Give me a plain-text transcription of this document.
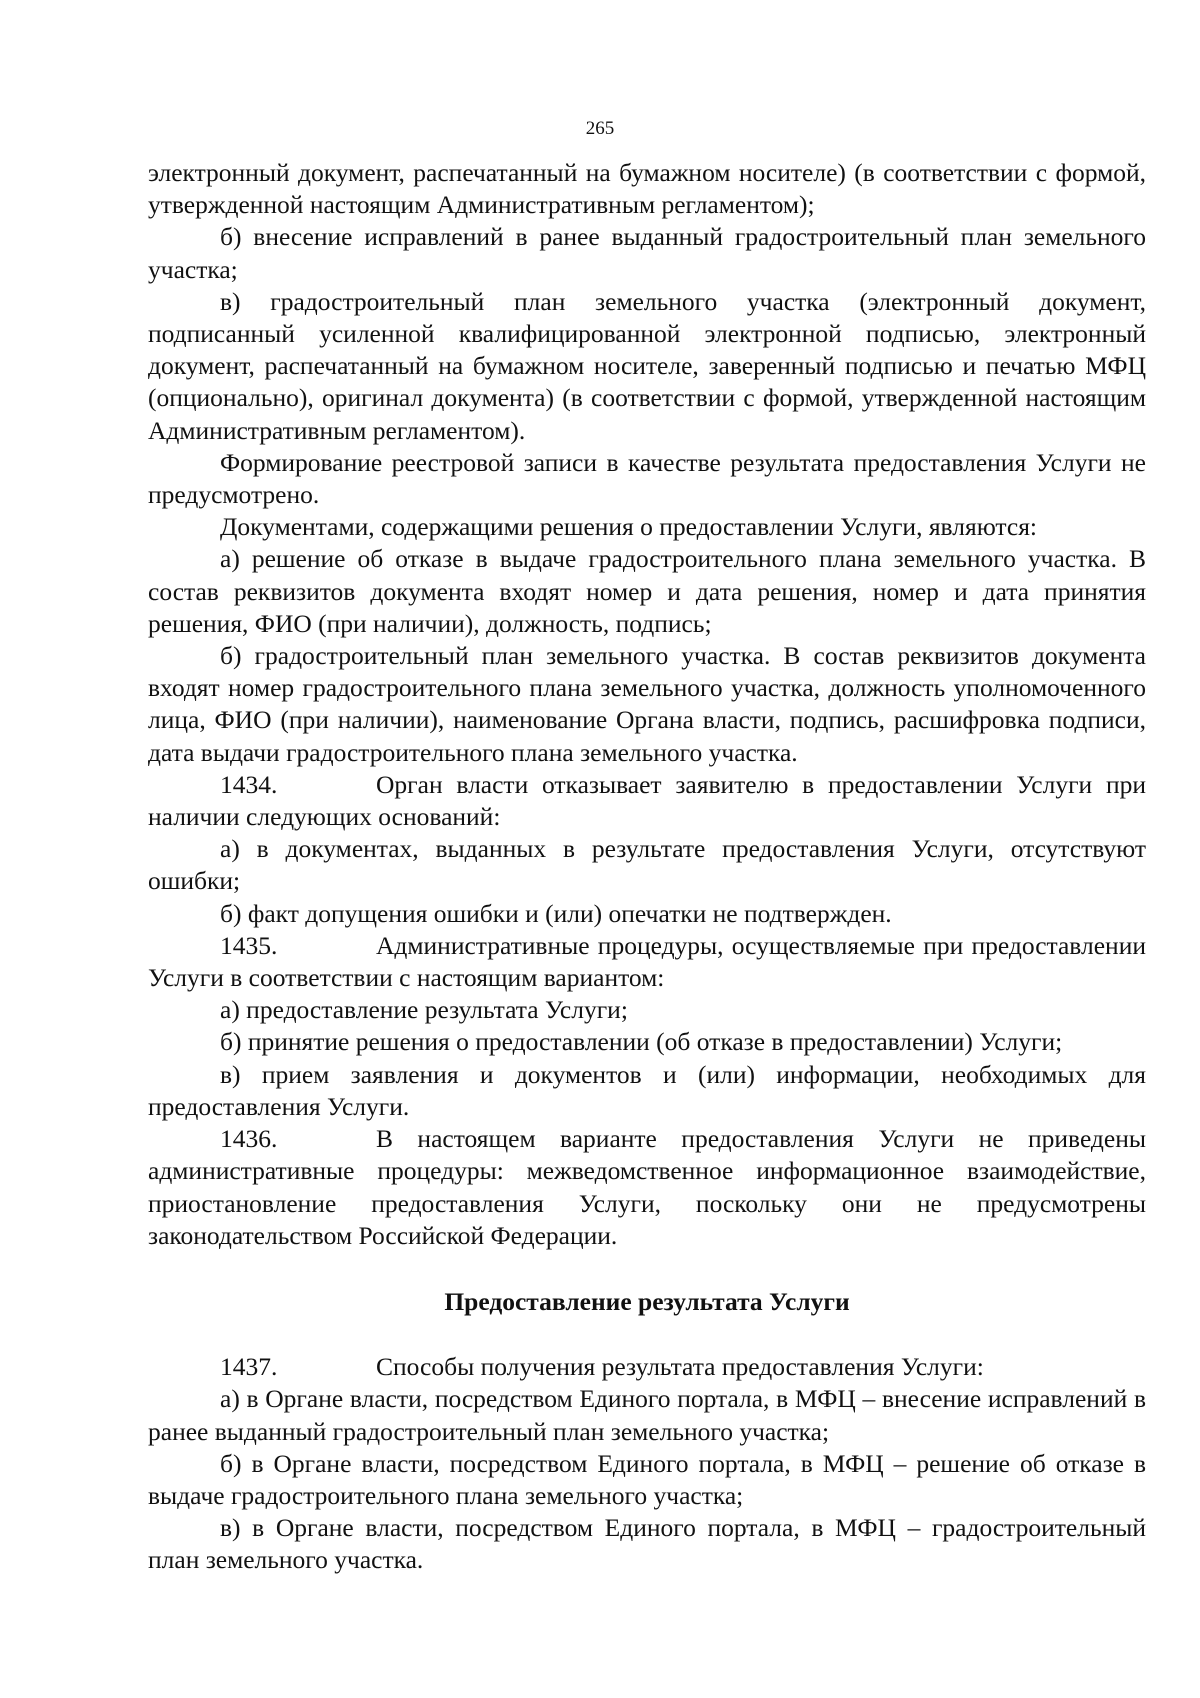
265

электронный документ, распечатанный на бумажном носителе) (в соответствии с формой, утвержденной настоящим Административным регламентом);

б) внесение исправлений в ранее выданный градостроительный план земельного участка;

в) градостроительный план земельного участка (электронный документ, подписанный усиленной квалифицированной электронной подписью, электронный документ, распечатанный на бумажном носителе, заверенный подписью и печатью МФЦ (опционально), оригинал документа) (в соответствии с формой, утвержденной настоящим Административным регламентом).

Формирование реестровой записи в качестве результата предоставления Услуги не предусмотрено.

Документами, содержащими решения о предоставлении Услуги, являются:

а) решение об отказе в выдаче градостроительного плана земельного участка. В состав реквизитов документа входят номер и дата решения, номер и дата принятия решения, ФИО (при наличии), должность, подпись;

б) градостроительный план земельного участка. В состав реквизитов документа входят номер градостроительного плана земельного участка, должность уполномоченного лица, ФИО (при наличии), наименование Органа власти, подпись, расшифровка подписи, дата выдачи градостроительного плана земельного участка.

1434.	Орган власти отказывает заявителю в предоставлении Услуги при наличии следующих оснований:

а) в документах, выданных в результате предоставления Услуги, отсутствуют ошибки;

б) факт допущения ошибки и (или) опечатки не подтвержден.

1435.	Административные процедуры, осуществляемые при предоставлении Услуги в соответствии с настоящим вариантом:

а) предоставление результата Услуги;

б) принятие решения о предоставлении (об отказе в предоставлении) Услуги;

в) прием заявления и документов и (или) информации, необходимых для предоставления Услуги.

1436.	В настоящем варианте предоставления Услуги не приведены административные процедуры: межведомственное информационное взаимодействие, приостановление предоставления Услуги, поскольку они не предусмотрены законодательством Российской Федерации.

Предоставление результата Услуги

1437.	Способы получения результата предоставления Услуги:

а) в Органе власти, посредством Единого портала, в МФЦ – внесение исправлений в ранее выданный градостроительный план земельного участка;

б) в Органе власти, посредством Единого портала, в МФЦ – решение об отказе в выдаче градостроительного плана земельного участка;

в) в Органе власти, посредством Единого портала, в МФЦ – градостроительный план земельного участка.
